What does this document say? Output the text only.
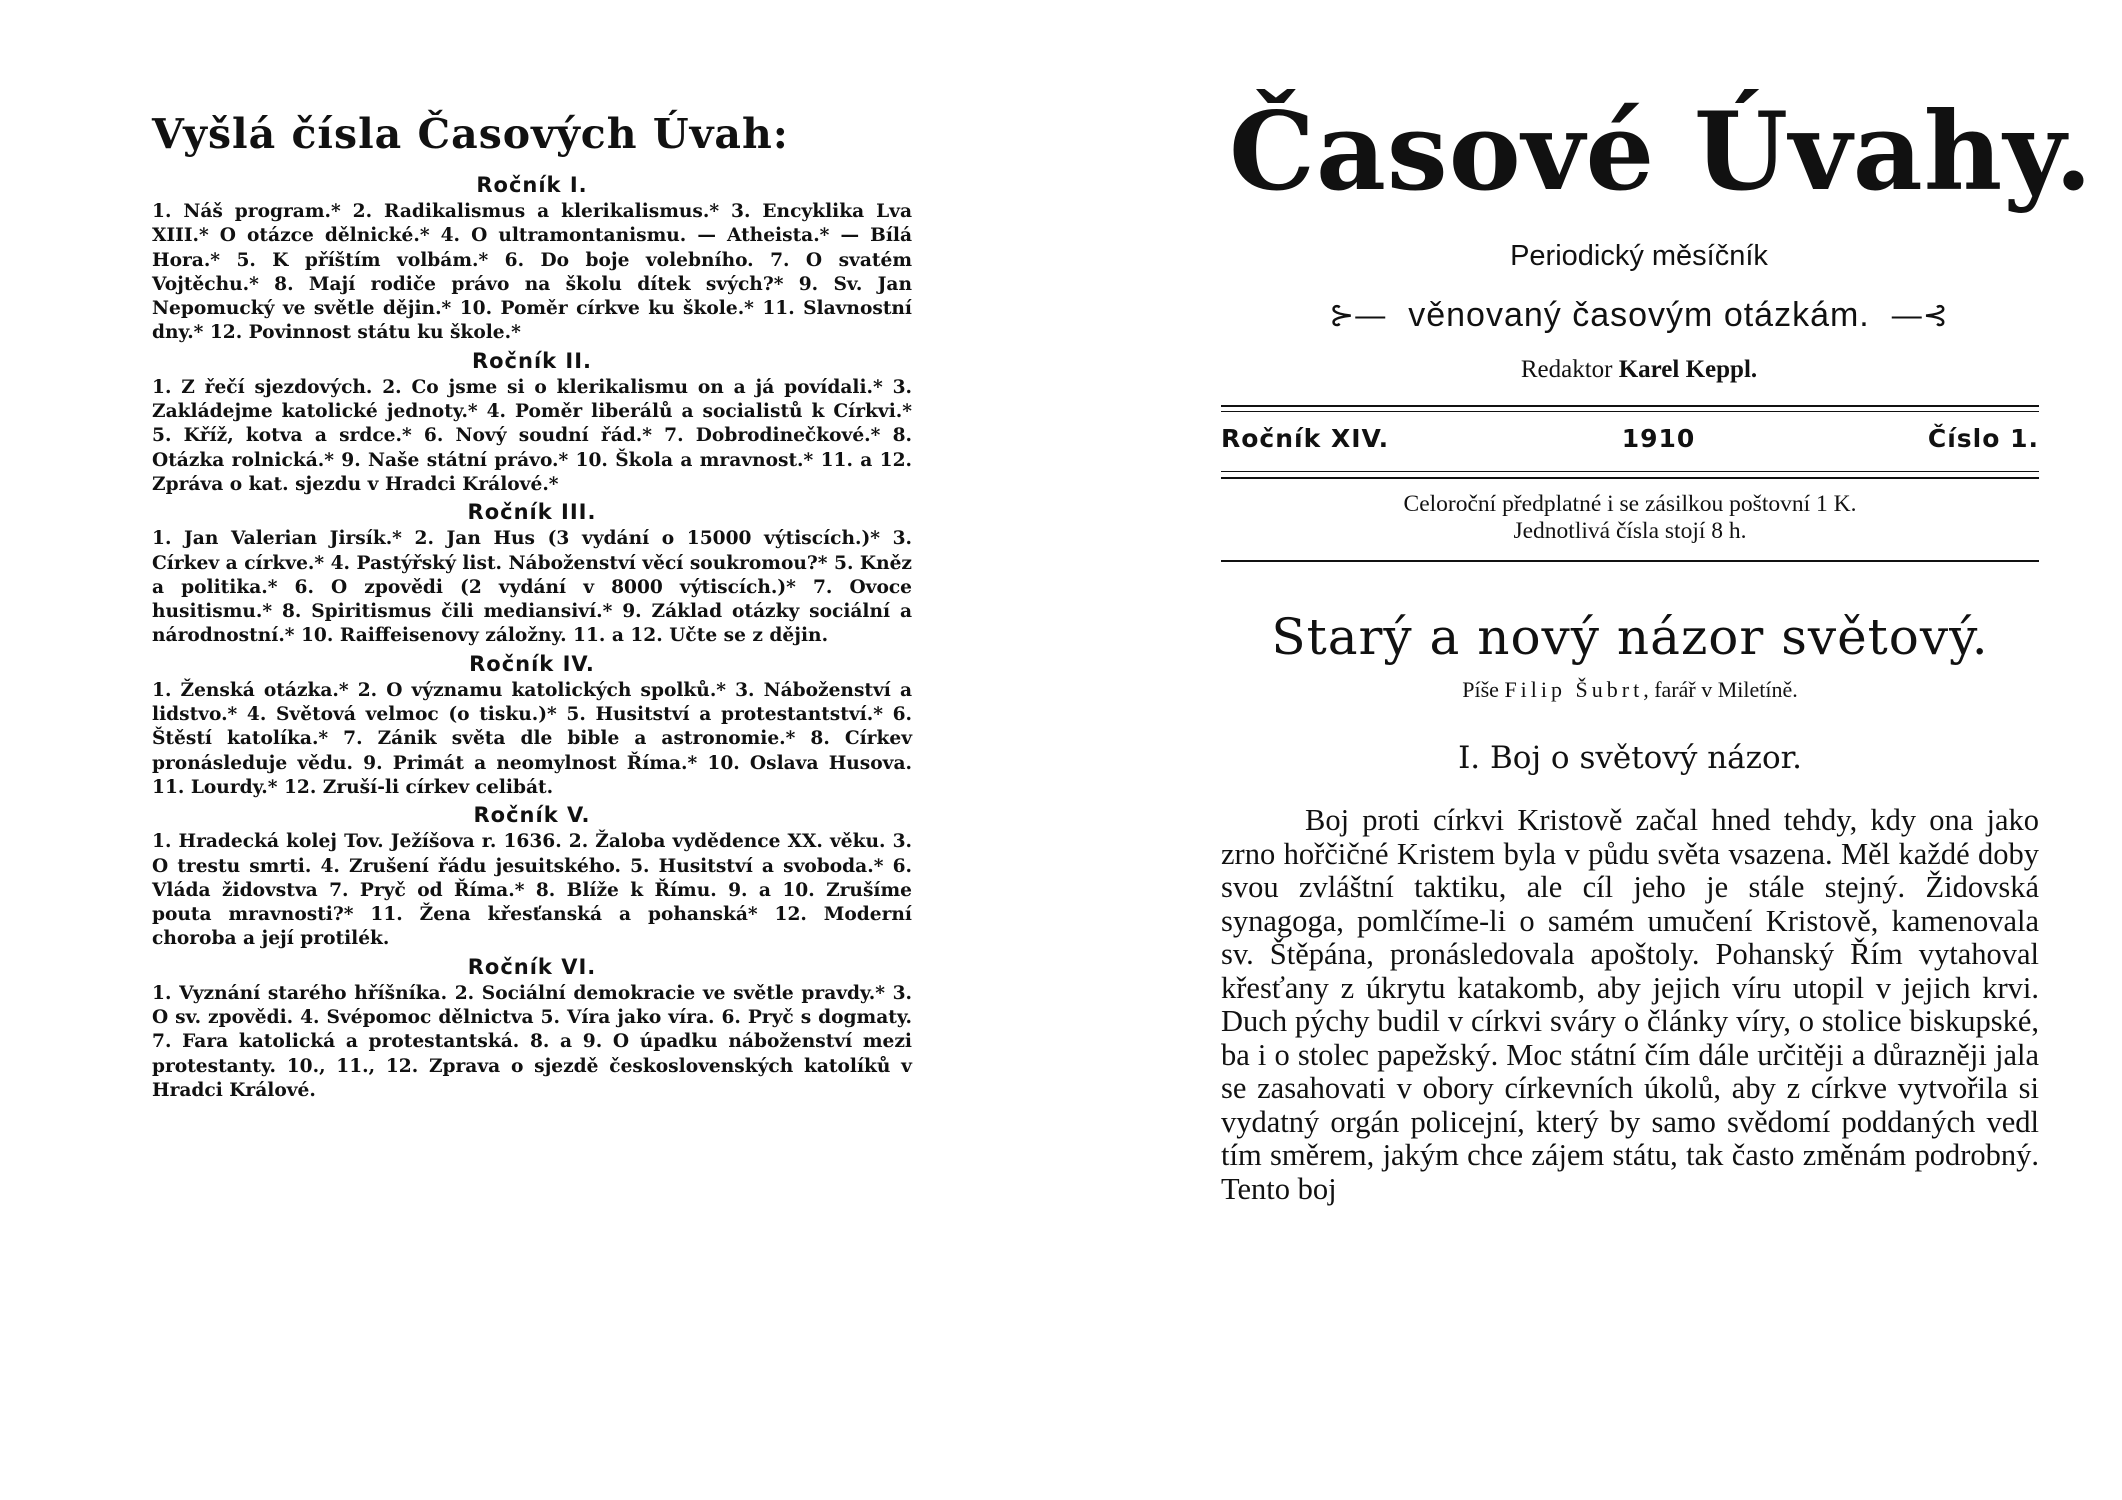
Vyšlá čísla Časových Úvah:
Ročník I.

1. Náš program.* 2. Radikalismus a klerikalismus.* 3. Encyklika Lva XIII.* O otázce dělnické.* 4. O ultramontanismu. — Atheista.* — Bílá Hora.* 5. K příštím volbám.* 6. Do boje volebního. 7. O svatém Vojtěchu.* 8. Mají rodiče právo na školu dítek svých?* 9. Sv. Jan Nepomucký ve světle dějin.* 10. Poměr církve ku škole.* 11. Slavnostní dny.* 12. Povinnost státu ku škole.*

Ročník II.

1. Z řečí sjezdových. 2. Co jsme si o klerikalismu on a já povídali.* 3. Zakládejme katolické jednoty.* 4. Poměr liberálů a socialistů k Církvi.* 5. Kříž, kotva a srdce.* 6. Nový soudní řád.* 7. Dobrodinečkové.* 8. Otázka rolnická.* 9. Naše státní právo.* 10. Škola a mravnost.* 11. a 12. Zpráva o kat. sjezdu v Hradci Králové.*

Ročník III.

1. Jan Valerian Jirsík.* 2. Jan Hus (3 vydání o 15000 výtiscích.)* 3. Církev a církve.* 4. Pastýřský list. Náboženství věcí soukromou?* 5. Kněz a politika.* 6. O zpovědi (2 vydání v 8000 výtiscích.)* 7. Ovoce husitismu.* 8. Spiritismus čili mediansiví.* 9. Základ otázky sociální a národnostní.* 10. Raiffeisenovy záložny. 11. a 12. Učte se z dějin.

Ročník IV.

1. Ženská otázka.* 2. O významu katolických spolků.* 3. Náboženství a lidstvo.* 4. Světová velmoc (o tisku.)* 5. Husitství a protestantství.* 6. Štěstí katolíka.* 7. Zánik světa dle bible a astronomie.* 8. Církev pronásleduje vědu. 9. Primát a neomylnost Říma.* 10. Oslava Husova. 11. Lourdy.* 12. Zruší-li církev celibát.

Ročník V.

1. Hradecká kolej Tov. Ježíšova r. 1636. 2. Žaloba vydědence XX. věku. 3. O trestu smrti. 4. Zrušení řádu jesuitského. 5. Husitství a svoboda.* 6. Vláda židovstva 7. Pryč od Říma.* 8. Blíže k Římu. 9. a 10. Zrušíme pouta mravnosti?* 11. Žena křesťanská a pohanská* 12. Moderní choroba a její protilék.

Ročník VI.

1. Vyznání starého hříšníka. 2. Sociální demokracie ve světle pravdy.* 3. O sv. zpovědi. 4. Svépomoc dělnictva 5. Víra jako víra. 6. Pryč s dogmaty. 7. Fara katolická a protestantská. 8. a 9. O úpadku náboženství mezi protestanty. 10., 11., 12. Zprava o sjezdě československých katolíků v Hradci Králové.

Časové Úvahy.
Periodický měsíčník
⊱— věnovaný časovým otázkám. —⊰
Redaktor Karel Keppl.
Ročník XIV.	1910	Číslo 1.
Celoroční předplatné i se zásilkou poštovní 1 K.
Jednotlivá čísla stojí 8 h.
Starý a nový názor světový.
Píše Filip Šubrt, farář v Miletíně.
I. Boj o světový názor.

Boj proti církvi Kristově začal hned tehdy, kdy ona jako zrno hořčičné Kristem byla v půdu světa vsazena. Měl každé doby svou zvláštní taktiku, ale cíl jeho je stále stejný. Židovská synagoga, pomlčíme-li o samém umučení Kristově, kamenovala sv. Štěpána, pronásledovala apoštoly. Pohanský Řím vytahoval křesťany z úkrytu katakomb, aby jejich víru utopil v jejich krvi. Duch pýchy budil v církvi sváry o články víry, o stolice biskupské, ba i o stolec papežský. Moc státní čím dále určitěji a důrazněji jala se zasahovati v obory církevních úkolů, aby z církve vytvořila si vydatný orgán policejní, který by samo svědomí poddaných vedl tím směrem, jakým chce zájem státu, tak často změnám podrobný. Tento boj
